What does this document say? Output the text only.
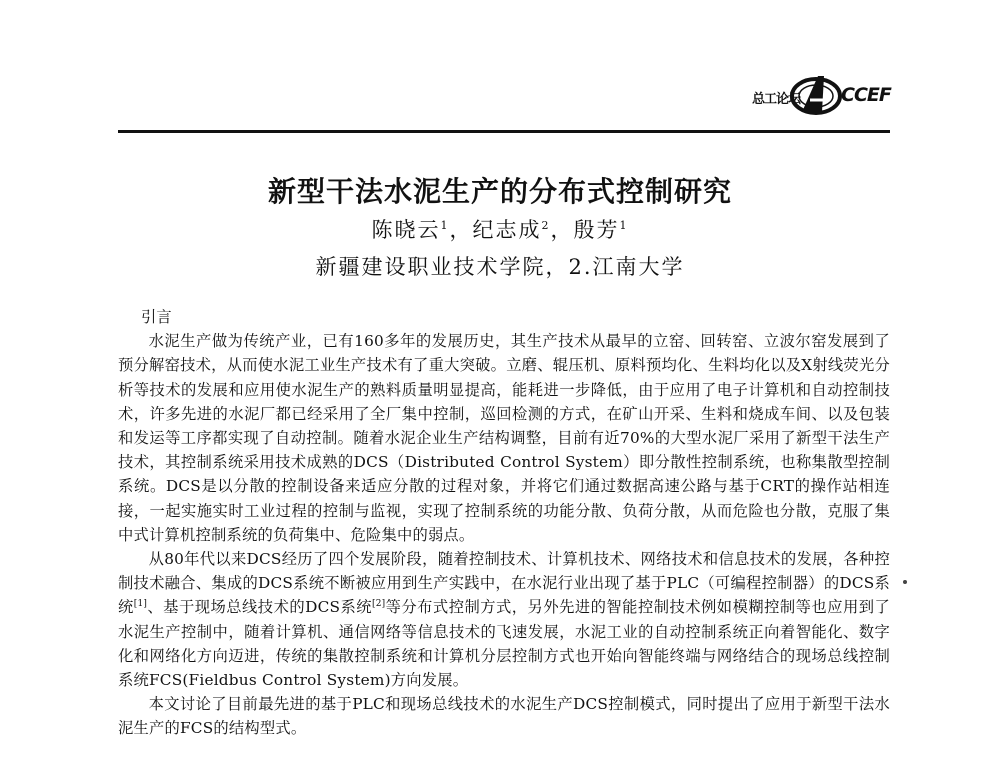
总工论坛 CCEF
新型干法水泥生产的分布式控制研究
陈晓云$^1$，纪志成$^2$，殷芳$^1$
新疆建设职业技术学院，2.江南大学

引言

水泥生产做为传统产业，已有160多年的发展历史，其生产技术从最早的立窑、回转窑、立波尔窑发展到了预分解窑技术，从而使水泥工业生产技术有了重大突破。立磨、辊压机、原料预均化、生料均化以及X射线荧光分析等技术的发展和应用使水泥生产的熟料质量明显提高，能耗进一步降低，由于应用了电子计算机和自动控制技术，许多先进的水泥厂都已经采用了全厂集中控制，巡回检测的方式，在矿山开采、生料和烧成车间、以及包装和发运等工序都实现了自动控制。随着水泥企业生产结构调整，目前有近70%的大型水泥厂采用了新型干法生产技术，其控制系统采用技术成熟的DCS（Distributed Control System）即分散性控制系统，也称集散型控制系统。DCS是以分散的控制设备来适应分散的过程对象，并将它们通过数据高速公路与基于CRT的操作站相连接，一起实施实时工业过程的控制与监视，实现了控制系统的功能分散、负荷分散，从而危险也分散，克服了集中式计算机控制系统的负荷集中、危险集中的弱点。

从80年代以来DCS经历了四个发展阶段，随着控制技术、计算机技术、网络技术和信息技术的发展，各种控制技术融合、集成的DCS系统不断被应用到生产实践中，在水泥行业出现了基于PLC（可编程控制器）的DCS系统[1]、基于现场总线技术的DCS系统[2]等分布式控制方式，另外先进的智能控制技术例如模糊控制等也应用到了水泥生产控制中，随着计算机、通信网络等信息技术的飞速发展，水泥工业的自动控制系统正向着智能化、数字化和网络化方向迈进，传统的集散控制系统和计算机分层控制方式也开始向智能终端与网络结合的现场总线控制系统FCS(Fieldbus Control System)方向发展。

本文讨论了目前最先进的基于PLC和现场总线技术的水泥生产DCS控制模式，同时提出了应用于新型干法水泥生产的FCS的结构型式。
